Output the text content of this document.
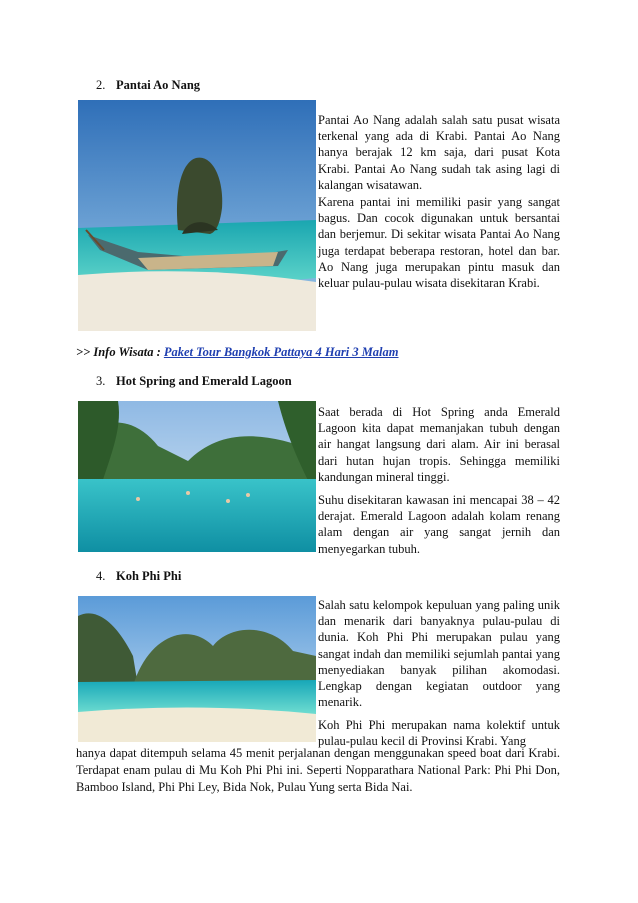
2. Pantai Ao Nang

Pantai Ao Nang adalah salah satu pusat wisata terkenal yang ada di Krabi. Pantai Ao Nang hanya berajak 12 km saja, dari pusat Kota Krabi. Pantai Ao Nang sudah tak asing lagi di kalangan wisatawan.

Karena pantai ini memiliki pasir yang sangat bagus. Dan cocok digunakan untuk bersantai dan berjemur. Di sekitar wisata Pantai Ao Nang juga terdapat beberapa restoran, hotel dan bar. Ao Nang juga merupakan pintu masuk dan keluar pulau-pulau wisata disekitaran Krabi.

>> Info Wisata : Paket Tour Bangkok Pattaya 4 Hari 3 Malam
3. Hot Spring and Emerald Lagoon

Saat berada di Hot Spring anda Emerald Lagoon kita dapat memanjakan tubuh dengan air hangat langsung dari alam. Air ini berasal dari hutan hujan tropis. Sehingga memiliki kandungan mineral tinggi.

Suhu disekitaran kawasan ini mencapai 38 – 42 derajat. Emerald Lagoon adalah kolam renang alam dengan air yang sangat jernih dan menyegarkan tubuh.

4. Koh Phi Phi

Salah satu kelompok kepuluan yang paling unik dan menarik dari banyaknya pulau-pulau di dunia. Koh Phi Phi merupakan pulau yang sangat indah dan memiliki sejumlah pantai yang menyediakan banyak pilihan akomodasi. Lengkap dengan kegiatan outdoor yang menarik.

Koh Phi Phi merupakan nama kolektif untuk pulau-pulau kecil di Provinsi Krabi. Yang

hanya dapat ditempuh selama 45 menit perjalanan dengan menggunakan speed boat dari Krabi. Terdapat enam pulau di Mu Koh Phi Phi ini. Seperti Nopparathara National Park: Phi Phi Don, Bamboo Island, Phi Phi Ley, Bida Nok, Pulau Yung serta Bida Nai.
